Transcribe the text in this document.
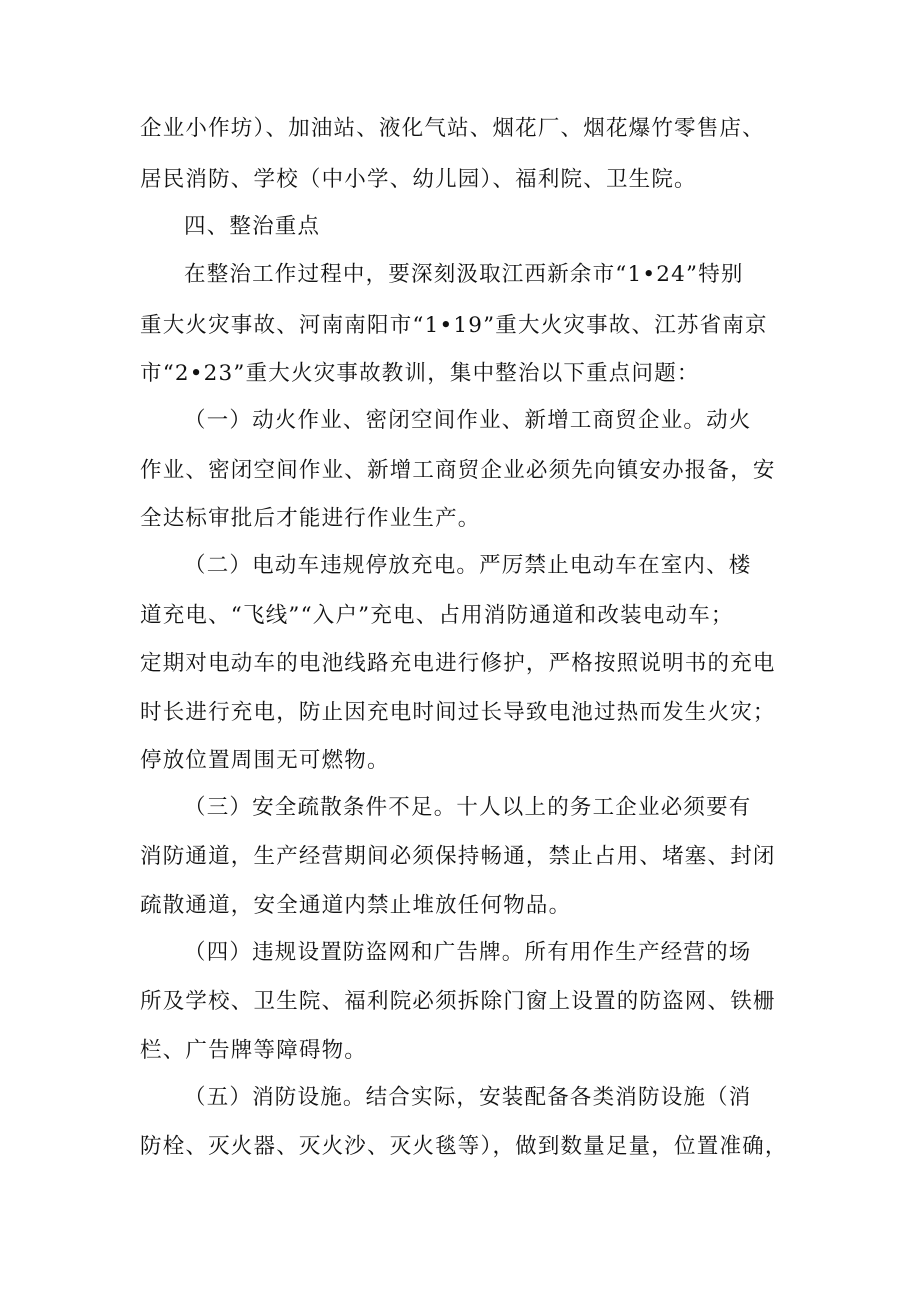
企业小作坊）、加油站、液化气站、烟花厂、烟花爆竹零售店、
居民消防、学校（中小学、幼儿园）、福利院、卫生院。
四、整治重点
在整治工作过程中，要深刻汲取江西新余市“1•24”特别
重大火灾事故、河南南阳市“1•19”重大火灾事故、江苏省南京
市“2•23”重大火灾事故教训，集中整治以下重点问题：
（一）动火作业、密闭空间作业、新增工商贸企业。动火
作业、密闭空间作业、新增工商贸企业必须先向镇安办报备，安
全达标审批后才能进行作业生产。
（二）电动车违规停放充电。严厉禁止电动车在室内、楼
道充电、“飞线”“入户”充电、占用消防通道和改装电动车；
定期对电动车的电池线路充电进行修护，严格按照说明书的充电
时长进行充电，防止因充电时间过长导致电池过热而发生火灾；
停放位置周围无可燃物。
（三）安全疏散条件不足。十人以上的务工企业必须要有
消防通道，生产经营期间必须保持畅通，禁止占用、堵塞、封闭
疏散通道，安全通道内禁止堆放任何物品。
（四）违规设置防盗网和广告牌。所有用作生产经营的场
所及学校、卫生院、福利院必须拆除门窗上设置的防盗网、铁栅
栏、广告牌等障碍物。
（五）消防设施。结合实际，安装配备各类消防设施（消
防栓、灭火器、灭火沙、灭火毯等），做到数量足量，位置准确，
